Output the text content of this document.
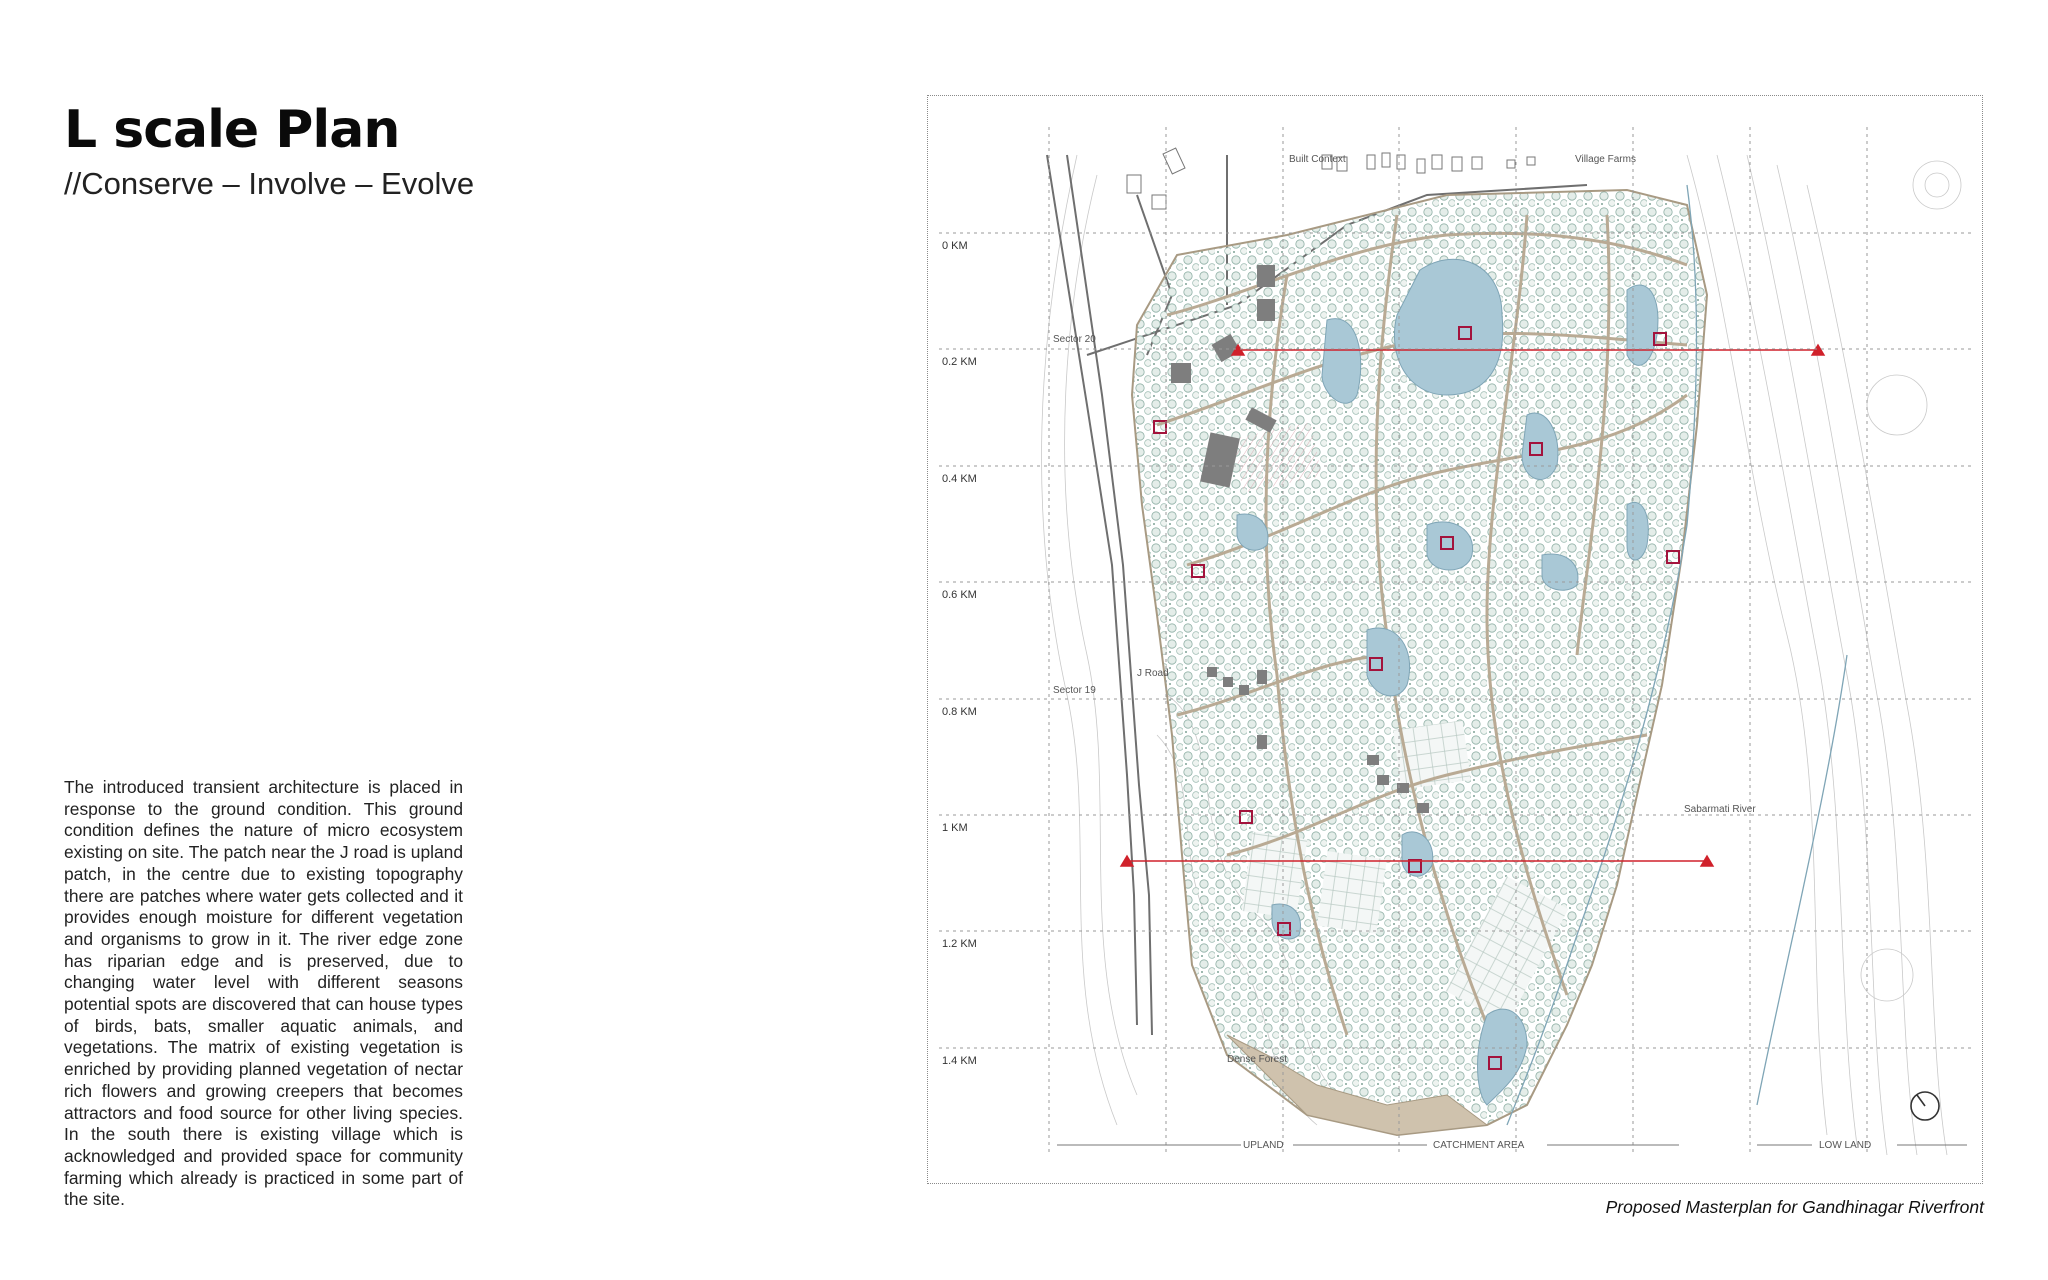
L scale Plan
//Conserve – Involve – Evolve

The introduced transient architecture is placed in response to the ground condition. This ground condition defines the nature of micro ecosystem existing on site. The patch near the J road is upland patch, in the centre due to existing topography there are patches where water gets collected and it provides enough moisture for different vegetation and organisms to grow in it. The river edge zone has riparian edge and is preserved, due to changing water level with different seasons potential spots are discovered that can house types of birds, bats, smaller aquatic animals, and vegetations. The matrix of existing vegetation is enriched by providing planned vegetation of nectar rich flowers and growing creepers that becomes attractors and food source for other living species. In the south there is existing village which is acknowledged and provided space for community farming which already is practiced in some part of the site.

0 KM
0.2 KM
0.4 KM
0.6 KM
0.8 KM
1 KM
1.2 KM
1.4 KM
Built Context	Village Farms
Sector 20
Sector 19
J Road
Sabarmati River
Dense Forest
UPLAND	CATCHMENT AREA	LOW LAND

Proposed Masterplan for Gandhinagar Riverfront
